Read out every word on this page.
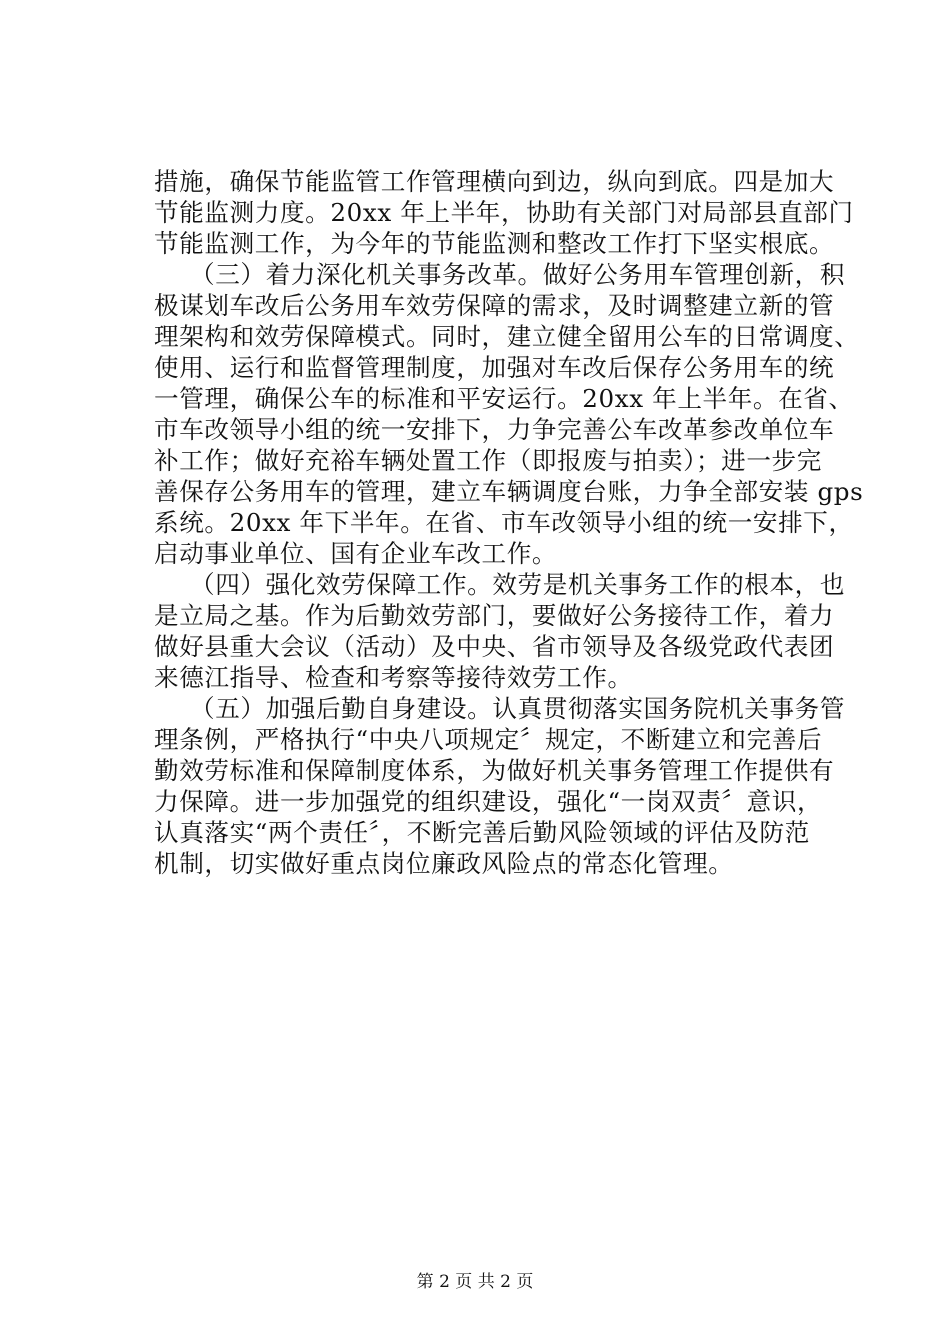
措施，确保节能监管工作管理横向到边，纵向到底。四是加大
节能监测力度。20xx 年上半年，协助有关部门对局部县直部门
节能监测工作，为今年的节能监测和整改工作打下坚实根底。
（三）着力深化机关事务改革。做好公务用车管理创新，积
极谋划车改后公务用车效劳保障的需求，及时调整建立新的管
理架构和效劳保障模式。同时，建立健全留用公车的日常调度、
使用、运行和监督管理制度，加强对车改后保存公务用车的统
一管理，确保公车的标准和平安运行。20xx 年上半年。在省、
市车改领导小组的统一安排下，力争完善公车改革参改单位车
补工作；做好充裕车辆处置工作（即报废与拍卖）；进一步完
善保存公务用车的管理，建立车辆调度台账，力争全部安装 gps
系统。20xx 年下半年。在省、市车改领导小组的统一安排下，
启动事业单位、国有企业车改工作。
（四）强化效劳保障工作。效劳是机关事务工作的根本，也
是立局之基。作为后勤效劳部门，要做好公务接待工作，着力
做好县重大会议（活动）及中央、省市领导及各级党政代表团
来德江指导、检查和考察等接待效劳工作。
（五）加强后勤自身建设。认真贯彻落实国务院机关事务管
理条例，严格执行“中央八项规定〞规定，不断建立和完善后
勤效劳标准和保障制度体系，为做好机关事务管理工作提供有
力保障。进一步加强党的组织建设，强化“一岗双责〞意识，
认真落实“两个责任〞，不断完善后勤风险领域的评估及防范
机制，切实做好重点岗位廉政风险点的常态化管理。
第 2 页 共 2 页
